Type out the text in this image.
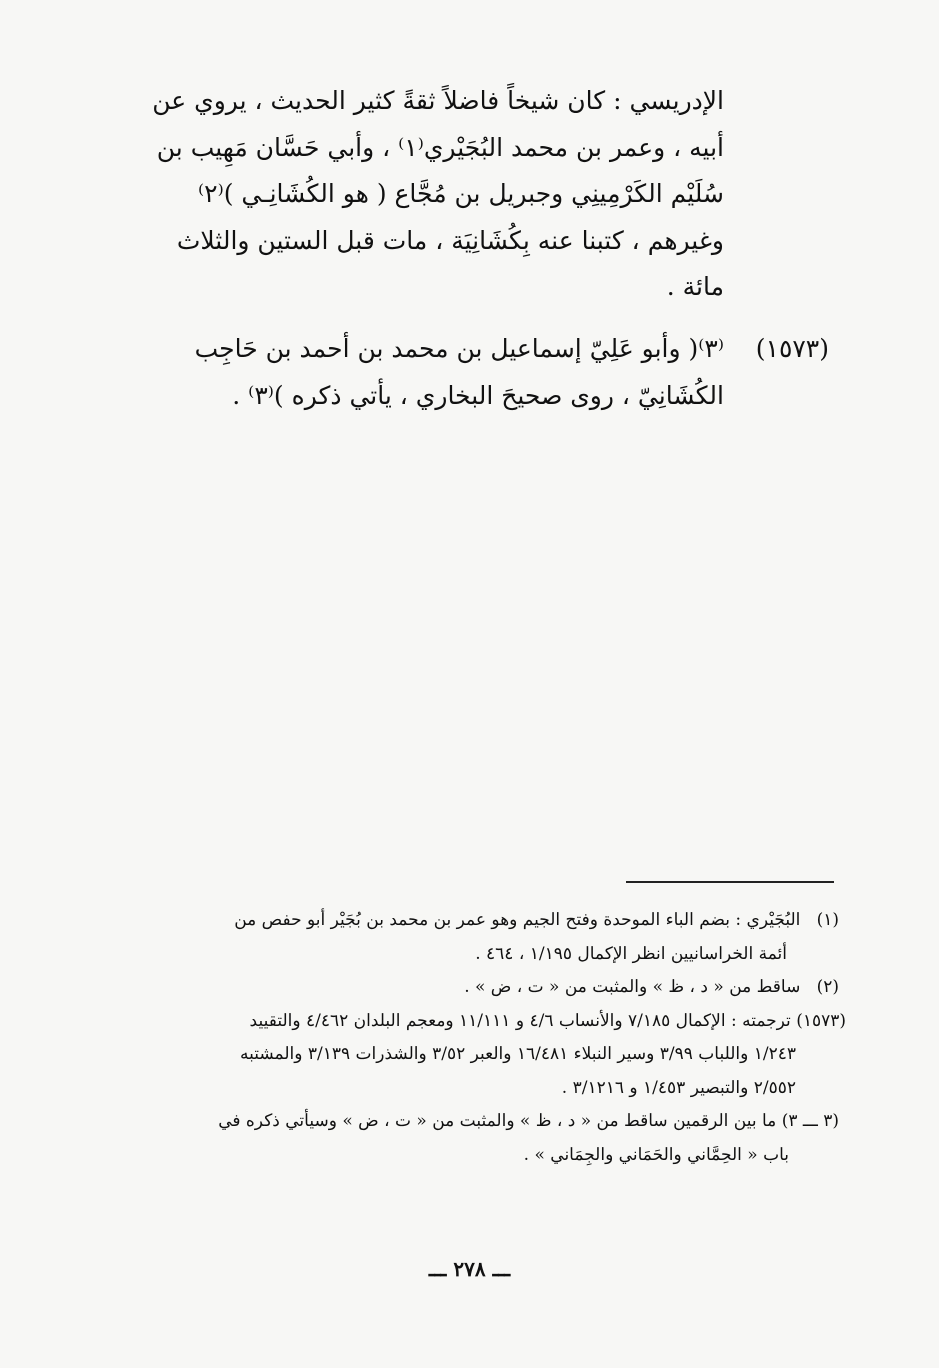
الإدريسي : كان شيخاً فاضلاً ثقةً كثير الحديث ، يروي عن
أبيه ، وعمر بن محمد البُجَيْري⁽١⁾ ، وأبي حَسَّان مَهِيب بن
سُلَيْم الكَرْمِينِي وجبريل بن مُجَّاع ( هو الكُشَانِـي )⁽٢⁾
وغيرهم ، كتبنا عنه بِكُشَانِيَة ، مات قبل الستين والثلاث
مائة .

(١٥٧٣)
⁽٣⁾( وأبو عَلِيّ إسماعيل بن محمد بن أحمد بن حَاجِب
الكُشَانِيّ ، روى صحيحَ البخاري ، يأتي ذكره )⁽٣⁾ .
(١)   البُجَيْري : بضم الباء الموحدة وفتح الجيم وهو عمر بن محمد بن بُجَيْر أبو حفص من
أئمة الخراسانيين انظر الإكمال ١/١٩٥ ، ٤٦٤ .
(٢)   ساقط من « د ، ظ » والمثبت من « ت ، ض » .
(١٥٧٣) ترجمته : الإكمال ٧/١٨٥ والأنساب ٤/٦ و ١١/١١١ ومعجم البلدان ٤/٤٦٢ والتقييد
١/٢٤٣ واللباب ٣/٩٩ وسير النبلاء ١٦/٤٨١ والعبر ٣/٥٢ والشذرات ٣/١٣٩ والمشتبه
٢/٥٥٢ والتبصير ١/٤٥٣ و ٣/١٢١٦ .
(٣ ـــ ٣) ما بين الرقمين ساقط من « د ، ظ » والمثبت من « ت ، ض » وسيأتي ذكره في
باب « الحِمَّاني والحَمَاني والجِمَاني » .
ـــ ٢٧٨ ـــ
